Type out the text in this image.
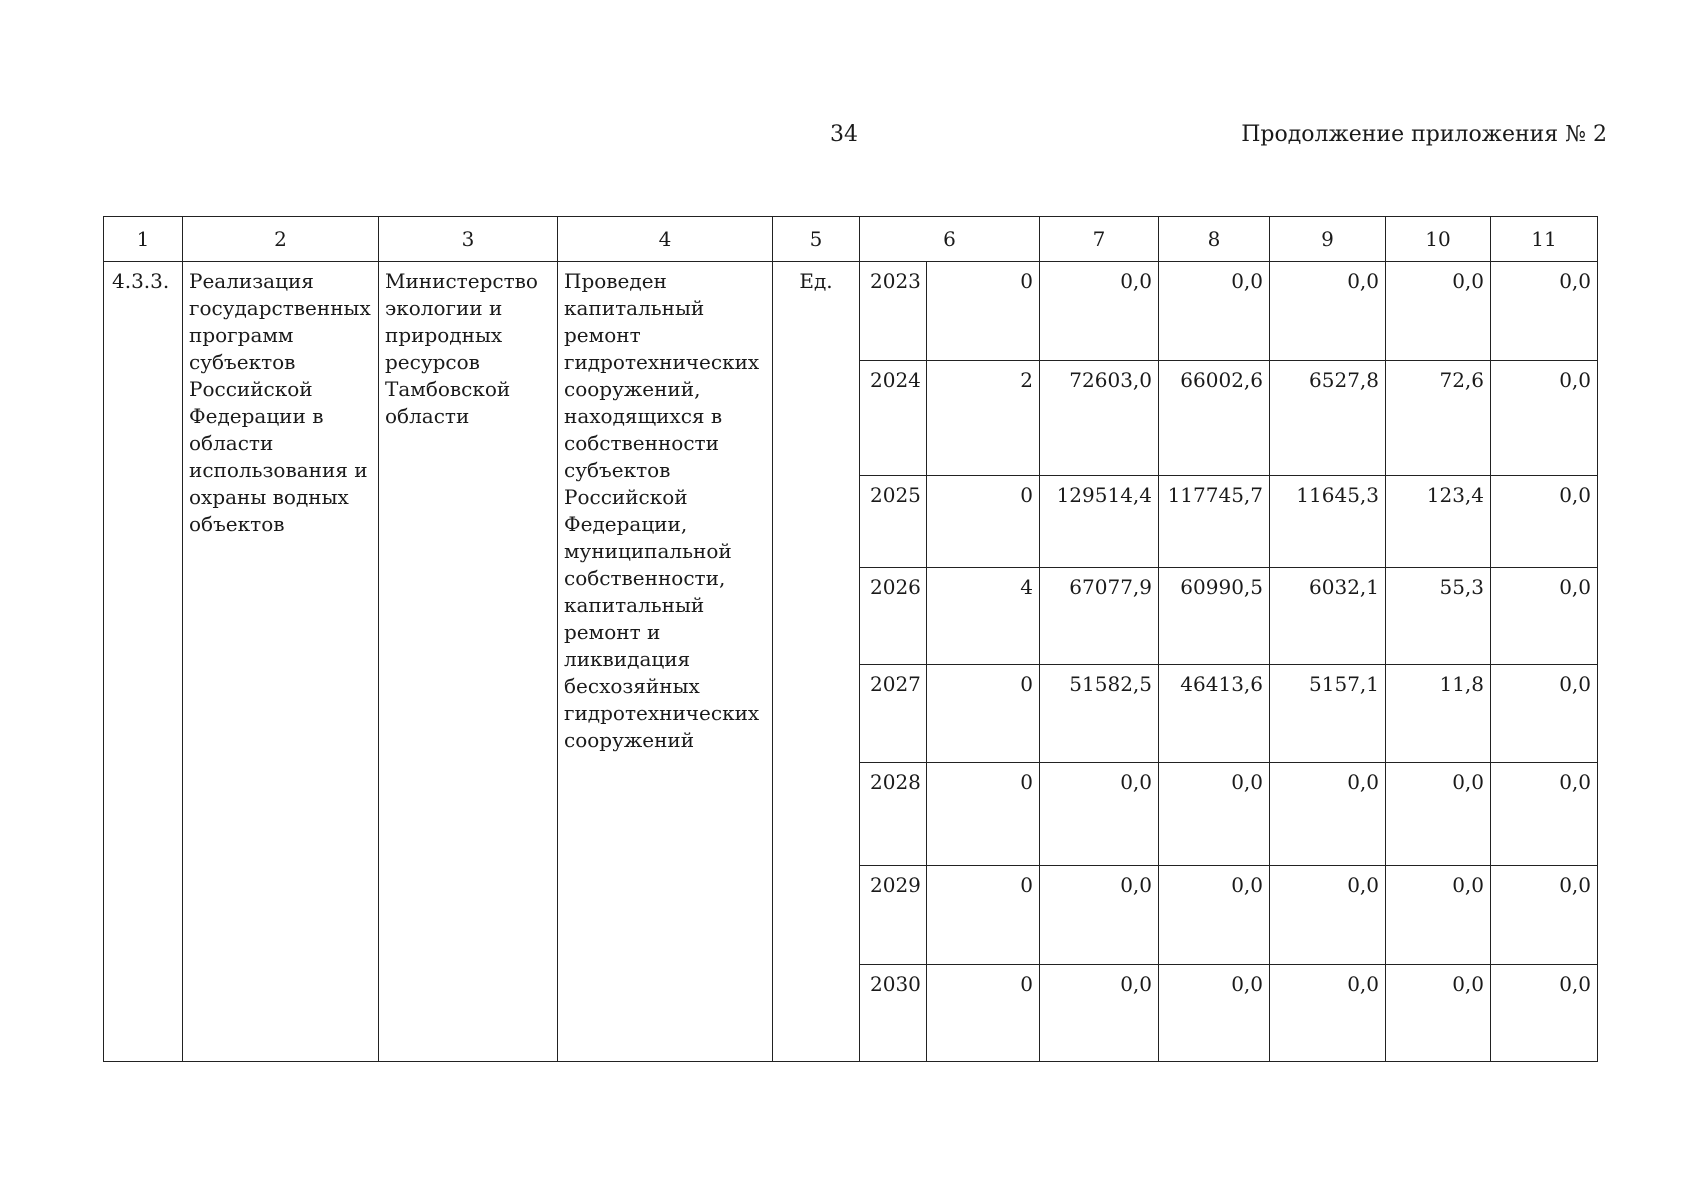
34	Продолжение приложения № 2
1	2	3	4	5	6		7	8	9	10	11
4.3.3.	Реализация государственных программ субъектов Российской Федерации в области использования и охраны водных объектов	Министерство экологии и природных ресурсов Тамбовской области	Проведен капитальный ремонт гидротехнических сооружений, находящихся в собственности субъектов Российской Федерации, муниципальной собственности, капитальный ремонт и ликвидация бесхозяйных гидротехнических сооружений	Ед.	2023	0	0,0	0,0	0,0	0,0	0,0
					2024	2	72603,0	66002,6	6527,8	72,6	0,0
					2025	0	129514,4	117745,7	11645,3	123,4	0,0
					2026	4	67077,9	60990,5	6032,1	55,3	0,0
					2027	0	51582,5	46413,6	5157,1	11,8	0,0
					2028	0	0,0	0,0	0,0	0,0	0,0
					2029	0	0,0	0,0	0,0	0,0	0,0
					2030	0	0,0	0,0	0,0	0,0	0,0
